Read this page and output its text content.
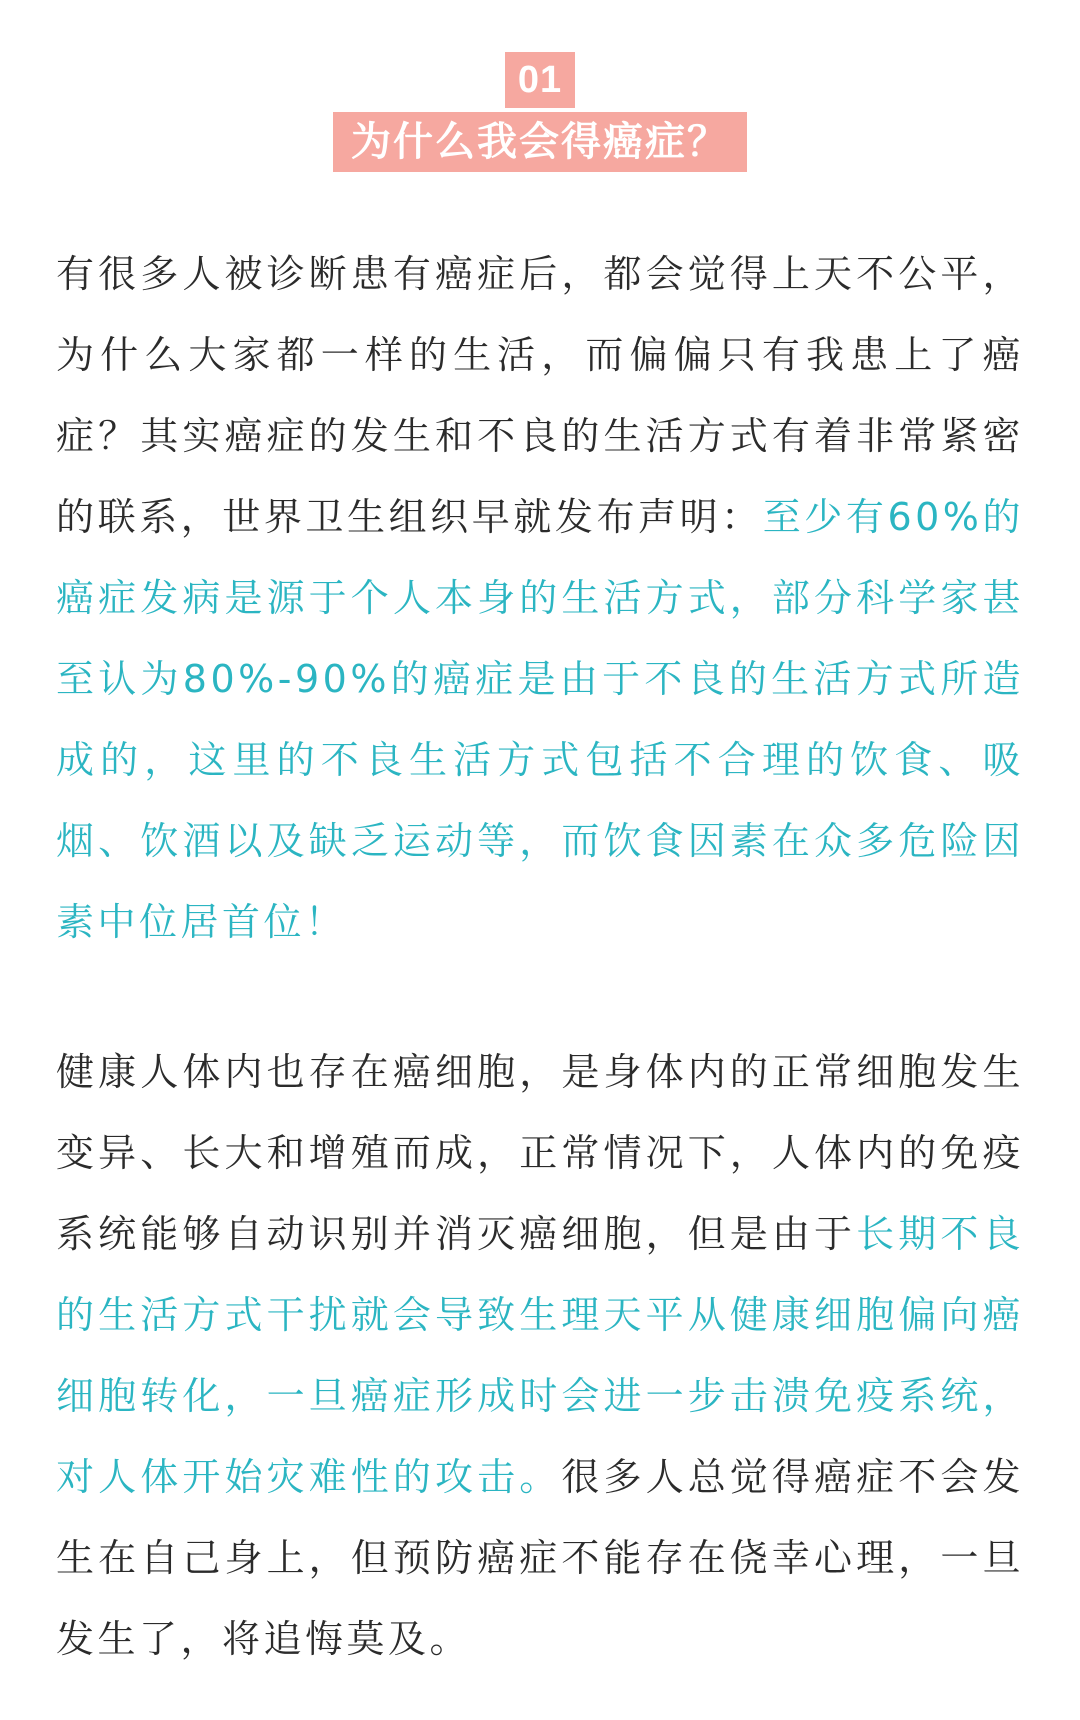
01
为什么我会得癌症？

有很多人被诊断患有癌症后，都会觉得上天不公平，为什么大家都一样的生活，而偏偏只有我患上了癌症？其实癌症的发生和不良的生活方式有着非常紧密的联系，世界卫生组织早就发布声明：至少有60%的癌症发病是源于个人本身的生活方式，部分科学家甚至认为80%-90%的癌症是由于不良的生活方式所造成的，这里的不良生活方式包括不合理的饮食、吸烟、饮酒以及缺乏运动等，而饮食因素在众多危险因素中位居首位！

健康人体内也存在癌细胞，是身体内的正常细胞发生变异、长大和增殖而成，正常情况下，人体内的免疫系统能够自动识别并消灭癌细胞，但是由于长期不良的生活方式干扰就会导致生理天平从健康细胞偏向癌细胞转化，一旦癌症形成时会进一步击溃免疫系统，对人体开始灾难性的攻击。很多人总觉得癌症不会发生在自己身上，但预防癌症不能存在侥幸心理，一旦发生了，将追悔莫及。
